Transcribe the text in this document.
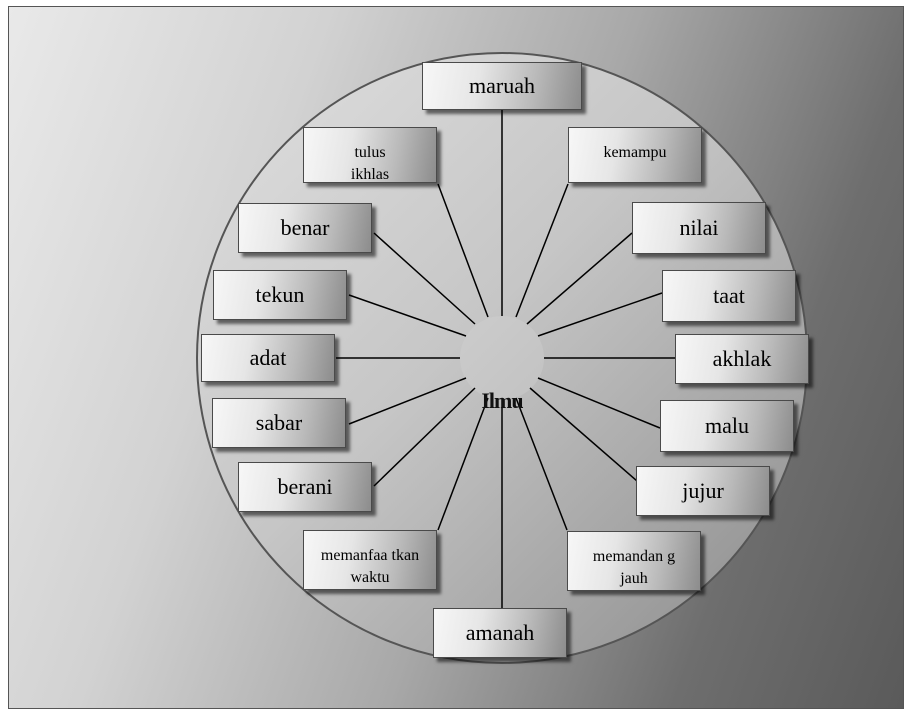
Ilmu
maruah
kemampu
nilai
taat
akhlak
malu
jujur
memandan g jauh
amanah
memanfaa tkan waktu
berani
sabar
adat
tekun
benar
tulus ikhlas
